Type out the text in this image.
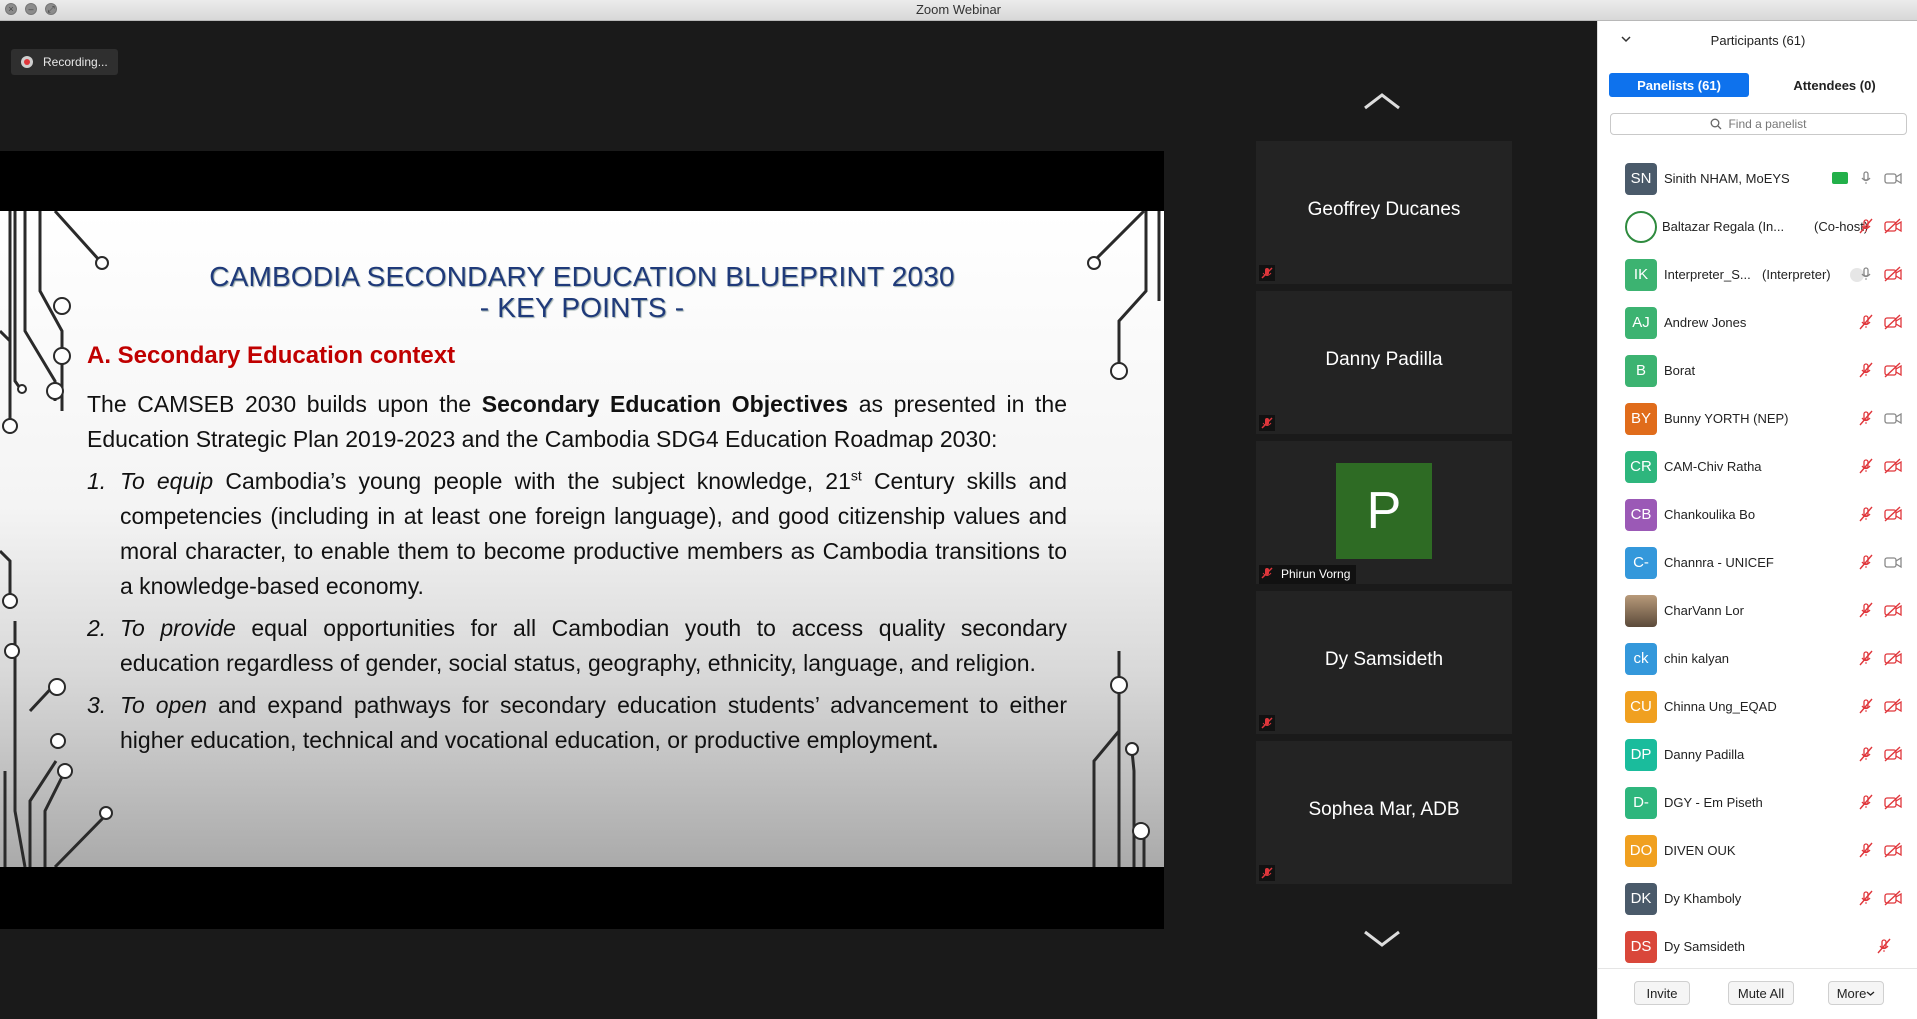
×	–	⤢	Zoom Webinar
Recording...
CAMBODIA SECONDARY EDUCATION BLUEPRINT 2030
- KEY POINTS -
A. Secondary Education context

The CAMSEB 2030 builds upon the Secondary Education Objectives as presented in the Education Strategic Plan 2019-2023 and the Cambodia SDG4 Education Roadmap 2030:

1. To equip Cambodia’s young people with the subject knowledge, 21st Century skills and competencies (including in at least one foreign language), and good citizenship values and moral character, to enable them to become productive members as Cambodia transitions to a knowledge-based economy.
2. To provide equal opportunities for all Cambodian youth to access quality secondary education regardless of gender, social status, geography, ethnicity, language, and religion.
3. To open and expand pathways for secondary education students’ advancement to either higher education, technical and vocational education, or productive employment.
Geoffrey Ducanes
Danny Padilla
P
Phirun Vorng
Dy Samsideth
Sophea Mar, ADB
Participants (61)
Panelists (61)	Attendees (0)
Find a panelist
SN Sinith NHAM, MoEYS
Baltazar Regala (In... (Co-host)
IK	Interpreter_S... (Interpreter)
AJ	Andrew Jones
B	Borat
BY	Bunny YORTH (NEP)
CR CAM-Chiv Ratha
CB Chankoulika Bo
C-	Channra - UNICEF
CharVann Lor
ck	chin kalyan
CU Chinna Ung_EQAD
DP Danny Padilla
D-	DGY - Em Piseth
DO DIVEN OUK
DK Dy Khamboly
DS Dy Samsideth
Invite	Mute All	More
